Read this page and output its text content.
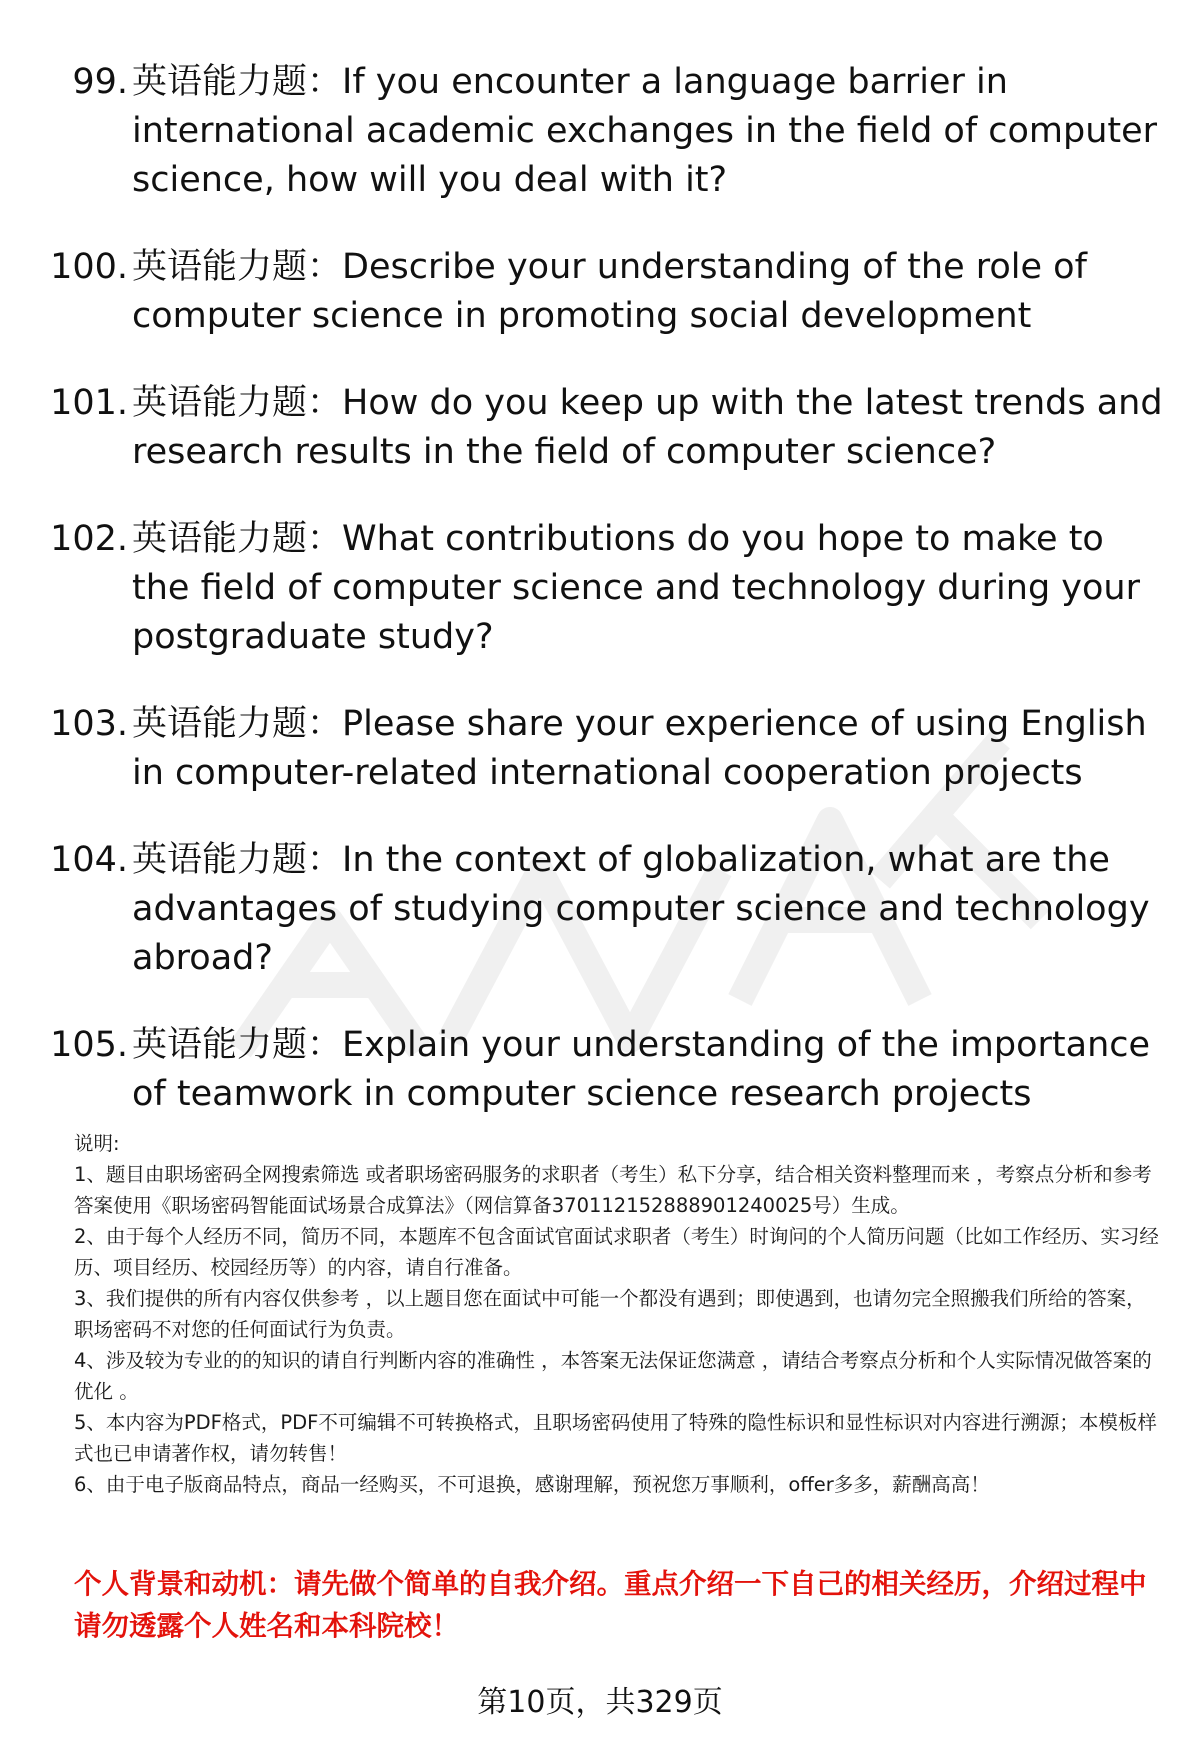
99. 英语能力题：If you encounter a language barrier in international academic exchanges in the field of computer science, how will you deal with it?
100. 英语能力题：Describe your understanding of the role of computer science in promoting social development
101. 英语能力题：How do you keep up with the latest trends and research results in the field of computer science?
102. 英语能力题：What contributions do you hope to make to the field of computer science and technology during your postgraduate study?
103. 英语能力题：Please share your experience of using English in computer-related international cooperation projects
104. 英语能力题：In the context of globalization, what are the advantages of studying computer science and technology abroad?
105. 英语能力题：Explain your understanding of the importance of teamwork in computer science research projects

说明:

1、题目由职场密码全网搜索筛选 或者职场密码服务的求职者（考生）私下分享，结合相关资料整理而来 ，考察点分析和参考答案使用《职场密码智能面试场景合成算法》（网信算备370112152888901240025号）生成。

2、由于每个人经历不同，简历不同，本题库不包含面试官面试求职者（考生）时询问的个人简历问题（比如工作经历、实习经历、项目经历、校园经历等）的内容，请自行准备。

3、我们提供的所有内容仅供参考 ，以上题目您在面试中可能一个都没有遇到；即使遇到，也请勿完全照搬我们所给的答案，职场密码不对您的任何面试行为负责。

4、涉及较为专业的的知识的请自行判断内容的准确性 ，本答案无法保证您满意 ，请结合考察点分析和个人实际情况做答案的优化 。

5、本内容为PDF格式，PDF不可编辑不可转换格式，且职场密码使用了特殊的隐性标识和显性标识对内容进行溯源；本模板样式也已申请著作权，请勿转售！

6、由于电子版商品特点，商品一经购买，不可退换，感谢理解，预祝您万事顺利，offer多多，薪酬高高！

个人背景和动机：请先做个简单的自我介绍。重点介绍一下自己的相关经历，介绍过程中请勿透露个人姓名和本科院校！
第10页，共329页
